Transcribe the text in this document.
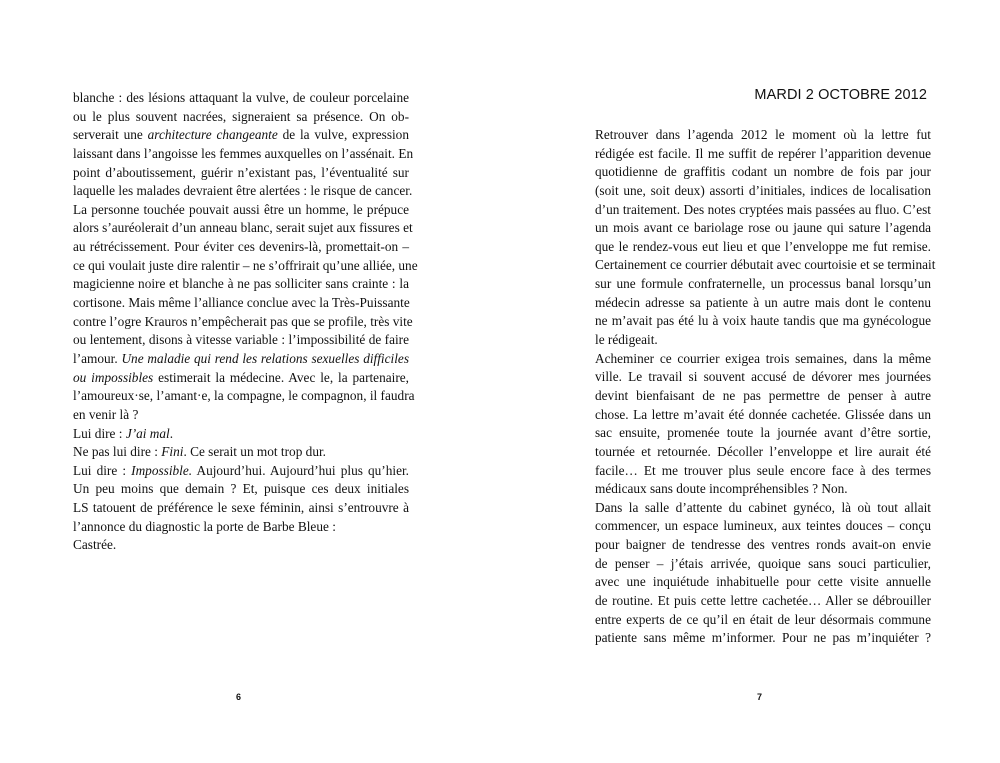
blanche : des lésions attaquant la vulve, de couleur porcelaine
ou le plus souvent nacrées, signeraient sa présence. On ob-
serverait une architecture changeante de la vulve, expression
laissant dans l’angoisse les femmes auxquelles on l’assénait. En
point d’aboutissement, guérir n’existant pas, l’éventualité sur
laquelle les malades devraient être alertées : le risque de cancer.
La personne touchée pouvait aussi être un homme, le prépuce
alors s’auréolerait d’un anneau blanc, serait sujet aux fissures et
au rétrécissement. Pour éviter ces devenirs-là, promettait-on –
ce qui voulait juste dire ralentir – ne s’offrirait qu’une alliée, une
magicienne noire et blanche à ne pas solliciter sans crainte : la
cortisone. Mais même l’alliance conclue avec la Très-Puissante
contre l’ogre Krauros n’empêcherait pas que se profile, très vite
ou lentement, disons à vitesse variable : l’impossibilité de faire
l’amour. Une maladie qui rend les relations sexuelles difficiles
ou impossibles estimerait la médecine. Avec le, la partenaire,
l’amoureux·se, l’amant·e, la compagne, le compagnon, il faudra
en venir là ?
Lui dire : J’ai mal.
Ne pas lui dire : Fini. Ce serait un mot trop dur.
Lui dire : Impossible. Aujourd’hui. Aujourd’hui plus qu’hier.
Un peu moins que demain ? Et, puisque ces deux initiales
LS tatouent de préférence le sexe féminin, ainsi s’entrouvre à
l’annonce du diagnostic la porte de Barbe Bleue :
Castrée.
6
MARDI 2 OCTOBRE 2012
Retrouver dans l’agenda 2012 le moment où la lettre fut
rédigée est facile. Il me suffit de repérer l’apparition devenue
quotidienne de graffitis codant un nombre de fois par jour
(soit une, soit deux) assorti d’initiales, indices de localisation
d’un traitement. Des notes cryptées mais passées au fluo. C’est
un mois avant ce bariolage rose ou jaune qui sature l’agenda
que le rendez-vous eut lieu et que l’enveloppe me fut remise.
Certainement ce courrier débutait avec courtoisie et se terminait
sur une formule confraternelle, un processus banal lorsqu’un
médecin adresse sa patiente à un autre mais dont le contenu
ne m’avait pas été lu à voix haute tandis que ma gynécologue
le rédigeait.
Acheminer ce courrier exigea trois semaines, dans la même
ville. Le travail si souvent accusé de dévorer mes journées
devint bienfaisant de ne pas permettre de penser à autre
chose. La lettre m’avait été donnée cachetée. Glissée dans un
sac ensuite, promenée toute la journée avant d’être sortie,
tournée et retournée. Décoller l’enveloppe et lire aurait été
facile… Et me trouver plus seule encore face à des termes
médicaux sans doute incompréhensibles ? Non.
Dans la salle d’attente du cabinet gynéco, là où tout allait
commencer, un espace lumineux, aux teintes douces – conçu
pour baigner de tendresse des ventres ronds avait-on envie
de penser – j’étais arrivée, quoique sans souci particulier,
avec une inquiétude inhabituelle pour cette visite annuelle
de routine. Et puis cette lettre cachetée… Aller se débrouiller
entre experts de ce qu’il en était de leur désormais commune
patiente sans même m’informer. Pour ne pas m’inquiéter ?
7
